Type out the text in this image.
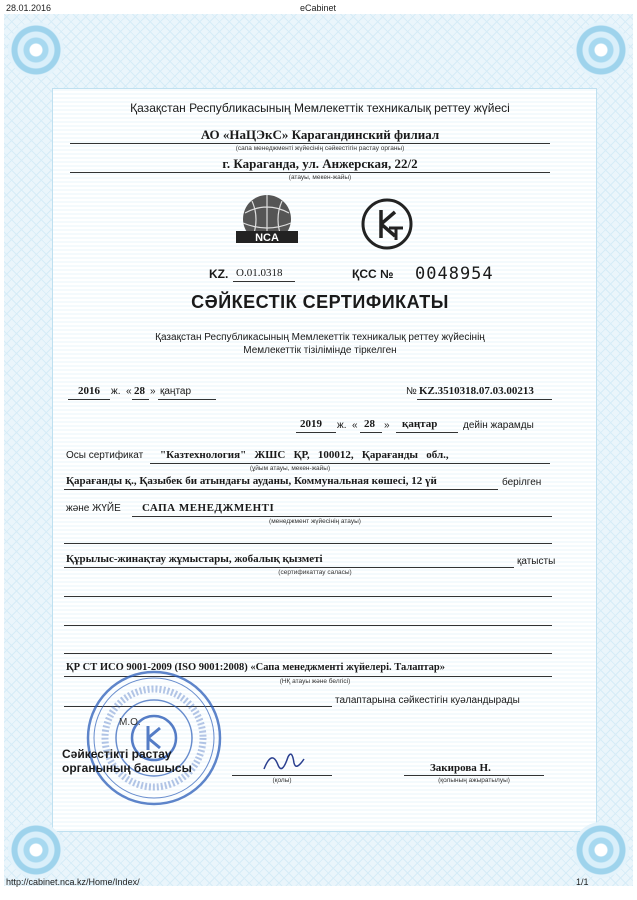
28.01.2016	eCabinet
Қазақстан Республикасының Мемлекеттік техникалық реттеу жүйесі
АО «НаЦЭкС» Карагандинский филиал
(сапа менеджменті жүйесінің сәйкестігін растау органы)
г. Караганда, ул. Анжерская, 22/2
(атауы, мекен-жайы)
NCA
KZ. О.01.0318	ҚСС № 0048954
СӘЙКЕСТІК СЕРТИФИКАТЫ
Қазақстан Республикасының Мемлекеттік техникалық реттеу жүйесінің
Мемлекеттік тізілімінде тіркелген
2016 ж. « 28 » қаңтар	№ KZ.3510318.07.03.00213
2019 ж. « 28 » қаңтар	дейін жарамды
Осы сертификат "Казтехнология"   ЖШС   ҚР,   100012,   Қарағанды   обл.,
(ұйым атауы, мекен-жайы)
Қарағанды қ., Қазыбек би атындағы ауданы, Коммунальная көшесі, 12 үй	берілген
және ЖҮЙЕ САПА МЕНЕДЖМЕНТІ
(менеджмент жүйесінің атауы)
Құрылыс-жинақтау жұмыстары, жобалық қызметі	қатысты
(сертификаттау саласы)
ҚР СТ ИСО 9001-2009 (ISO 9001:2008) «Сапа менеджменті жүйелері. Талаптар»
(НҚ атауы және белгісі)
талаптарына сәйкестігін куәландырады
М.О.
Сәйкестікті растау
органының басшысы
(қолы)
Закирова Н.
(қолының ажыратылуы)
http://cabinet.nca.kz/Home/Index/	1/1
